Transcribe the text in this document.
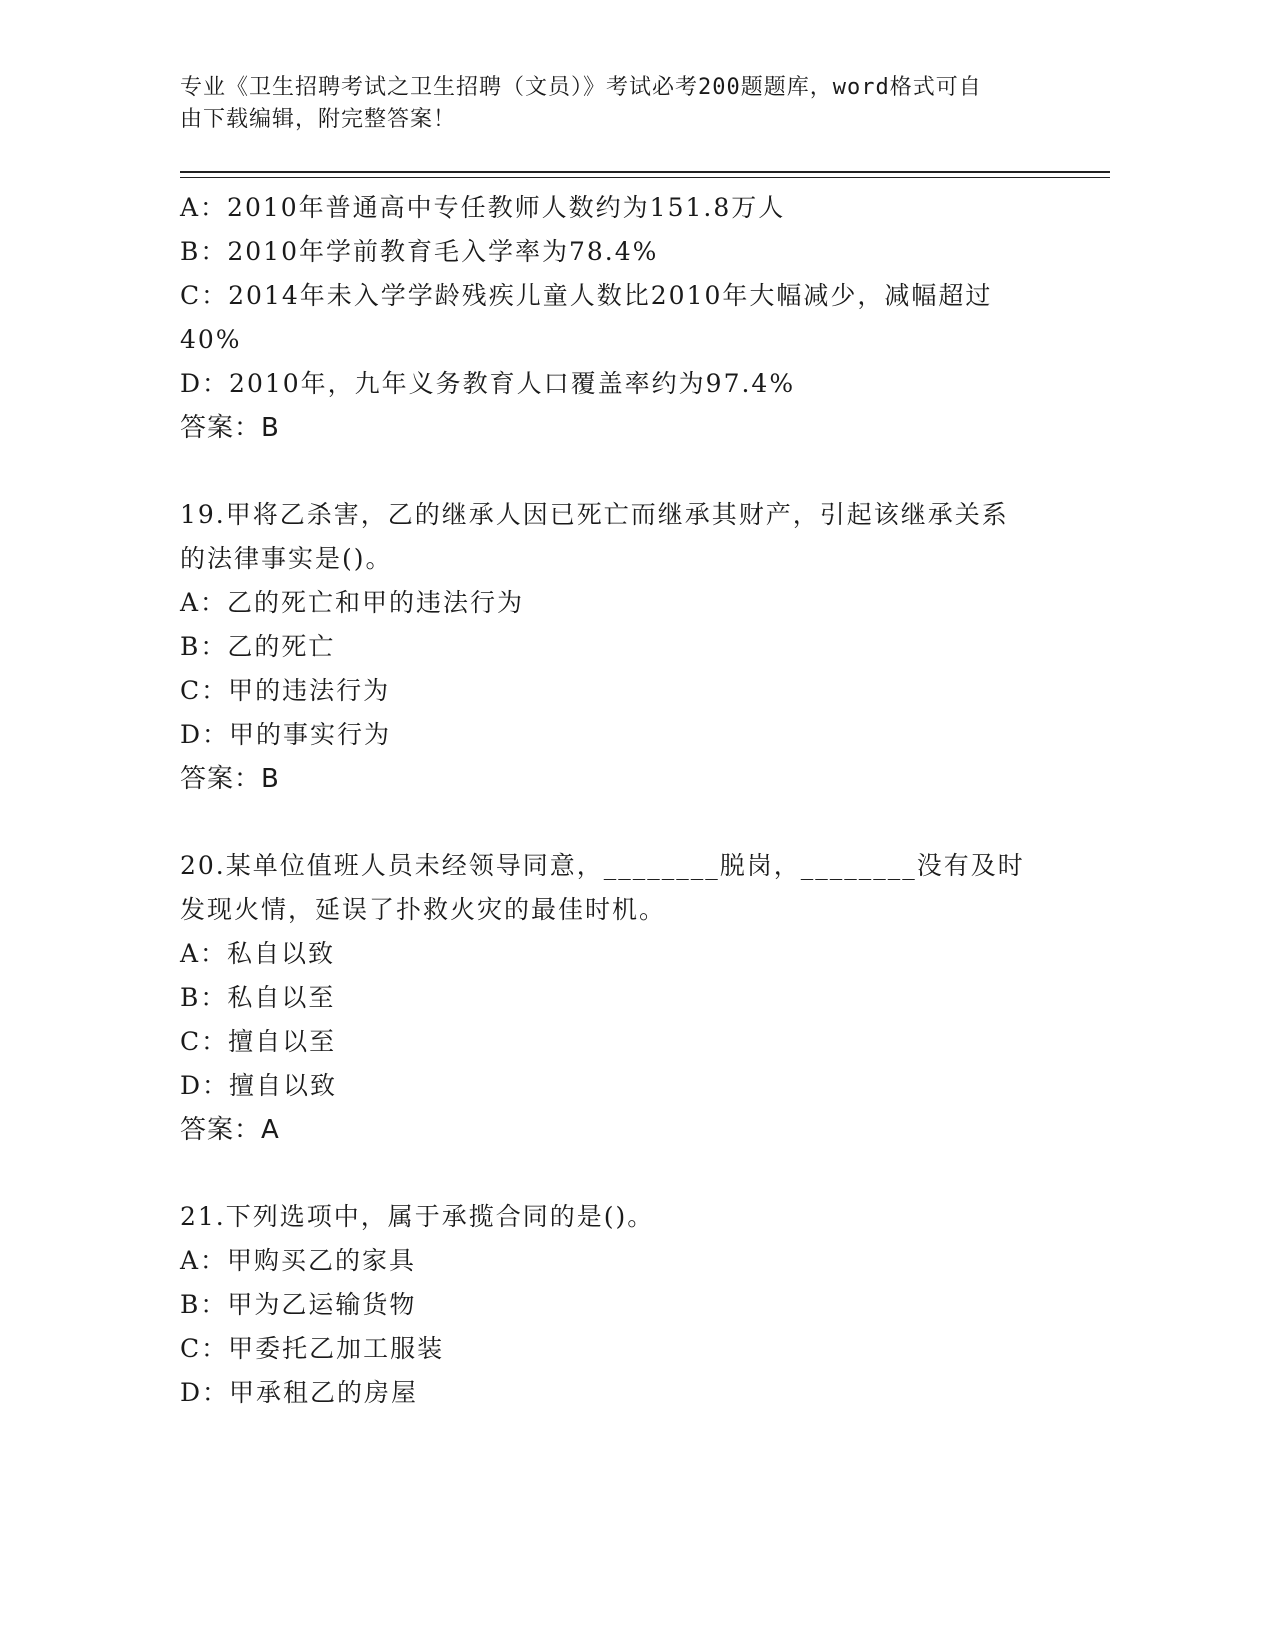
专业《卫生招聘考试之卫生招聘（文员）》考试必考200题题库，word格式可自
由下载编辑，附完整答案！
A：2010年普通高中专任教师人数约为151.8万人
B：2010年学前教育毛入学率为78.4%
C：2014年未入学学龄残疾儿童人数比2010年大幅减少，减幅超过
40%
D：2010年，九年义务教育人口覆盖率约为97.4%
答案：B
19.甲将乙杀害，乙的继承人因已死亡而继承其财产，引起该继承关系
的法律事实是()。
A：乙的死亡和甲的违法行为
B：乙的死亡
C：甲的违法行为
D：甲的事实行为
答案：B
20.某单位值班人员未经领导同意，________脱岗，________没有及时
发现火情，延误了扑救火灾的最佳时机。
A：私自以致
B：私自以至
C：擅自以至
D：擅自以致
答案：A
21.下列选项中，属于承揽合同的是()。
A：甲购买乙的家具
B：甲为乙运输货物
C：甲委托乙加工服装
D：甲承租乙的房屋
